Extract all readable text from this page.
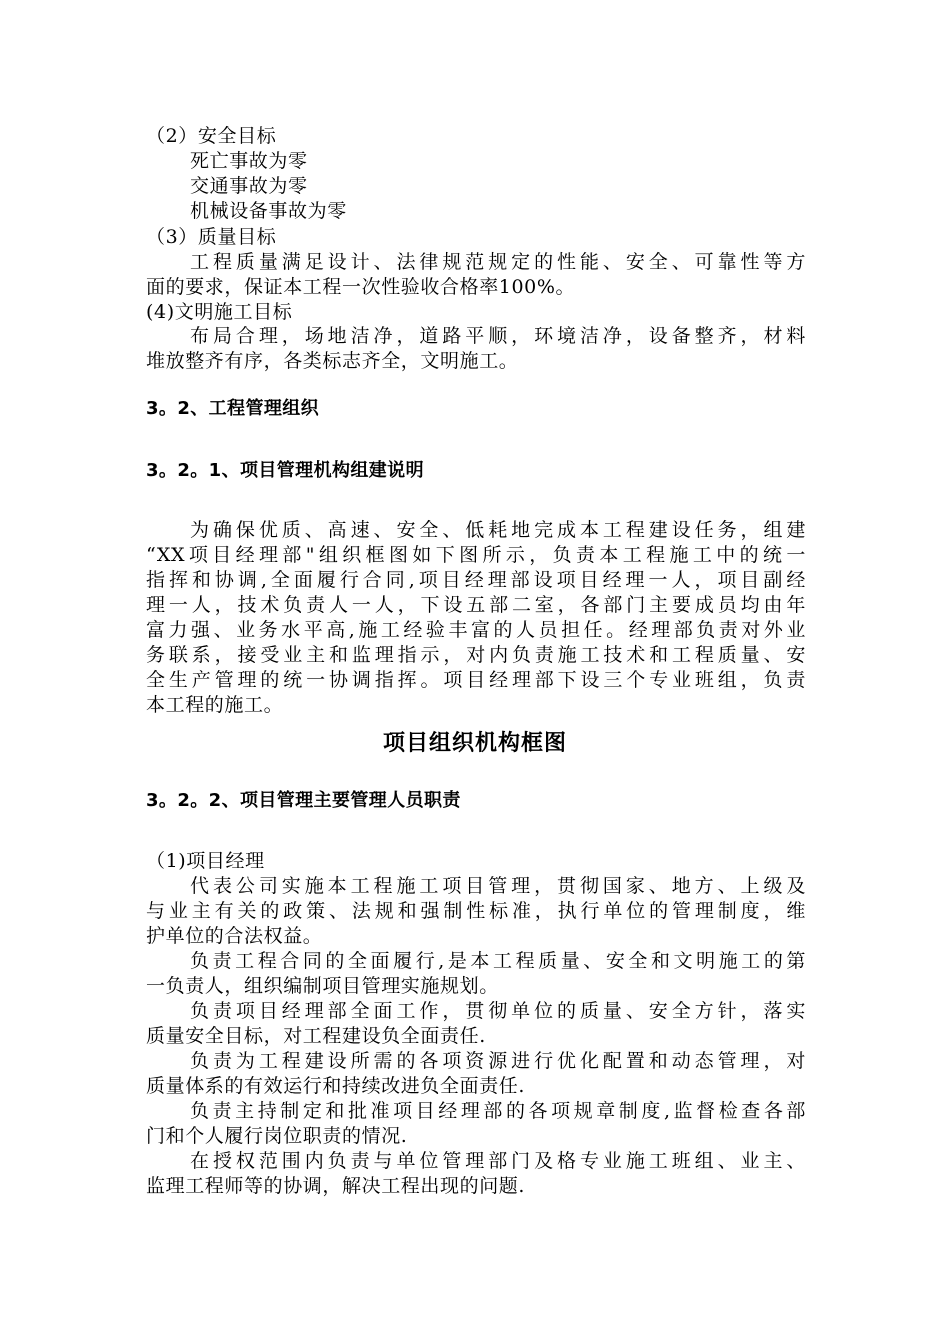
（2）安全目标
死亡事故为零
交通事故为零
机械设备事故为零
（3）质量目标
工程质量满足设计、法律规范规定的性能、安全、可靠性等方
面的要求，保证本工程一次性验收合格率100%。
(4)文明施工目标
布局合理，场地洁净，道路平顺，环境洁净，设备整齐，材料
堆放整齐有序，各类标志齐全，文明施工。
3。2、工程管理组织
3。2。1、项目管理机构组建说明
为确保优质、高速、安全、低耗地完成本工程建设任务，组建
“XX项目经理部"组织框图如下图所示，负责本工程施工中的统一
指挥和协调,全面履行合同,项目经理部设项目经理一人，项目副经
理一人，技术负责人一人，下设五部二室，各部门主要成员均由年
富力强、业务水平高,施工经验丰富的人员担任。经理部负责对外业
务联系，接受业主和监理指示，对内负责施工技术和工程质量、安
全生产管理的统一协调指挥。项目经理部下设三个专业班组，负责
本工程的施工。
项目组织机构框图
3。2。2、项目管理主要管理人员职责
（1)项目经理
代表公司实施本工程施工项目管理，贯彻国家、地方、上级及
与业主有关的政策、法规和强制性标准，执行单位的管理制度，维
护单位的合法权益。
负责工程合同的全面履行,是本工程质量、安全和文明施工的第
一负责人，组织编制项目管理实施规划。
负责项目经理部全面工作，贯彻单位的质量、安全方针，落实
质量安全目标，对工程建设负全面责任.
负责为工程建设所需的各项资源进行优化配置和动态管理，对
质量体系的有效运行和持续改进负全面责任.
负责主持制定和批准项目经理部的各项规章制度,监督检查各部
门和个人履行岗位职责的情况.
在授权范围内负责与单位管理部门及格专业施工班组、业主、
监理工程师等的协调，解决工程出现的问题.
